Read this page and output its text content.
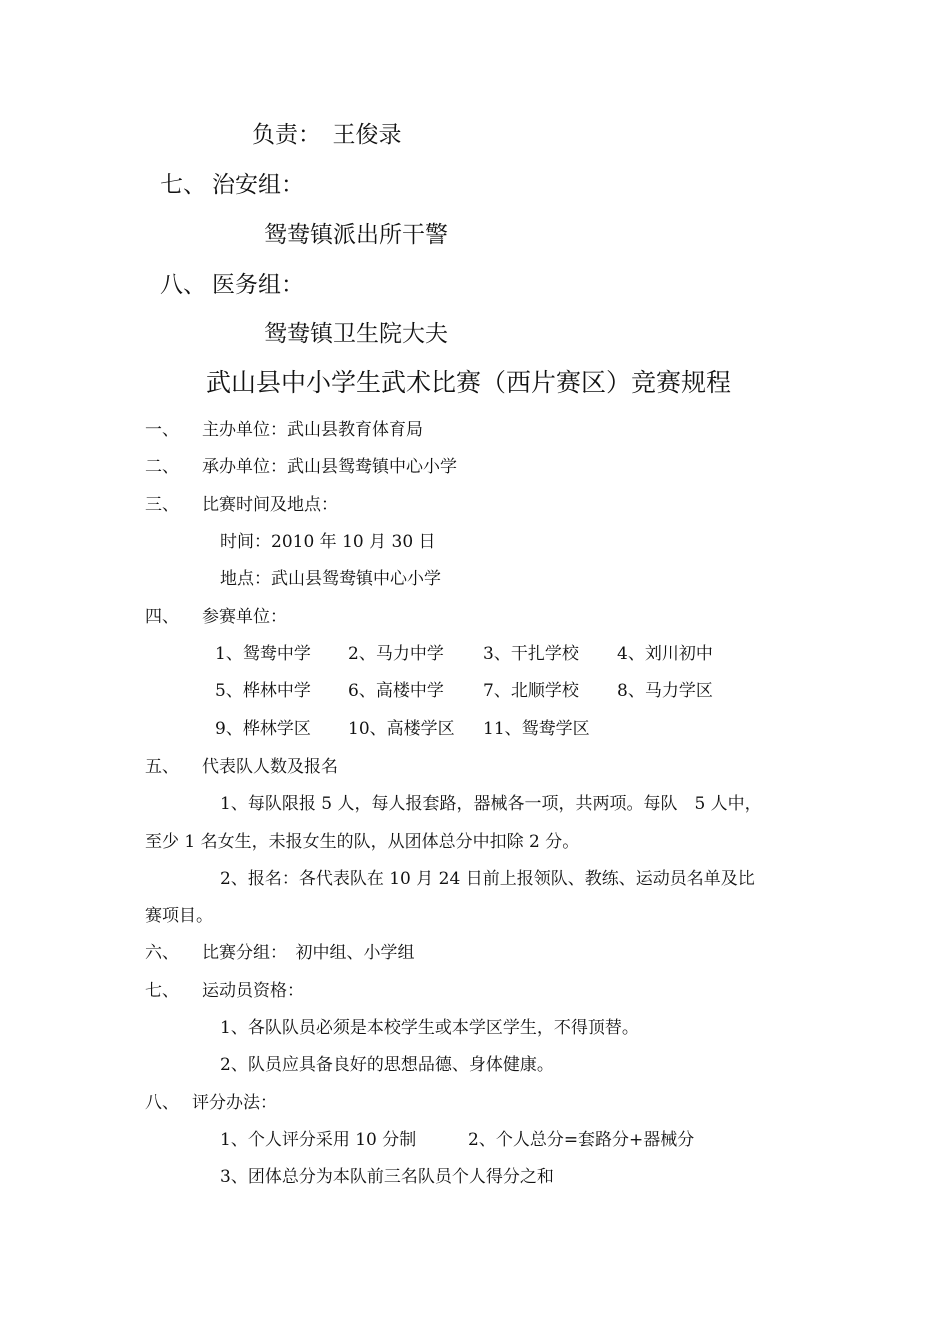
负责：　王俊录
七、 治安组：
鸳鸯镇派出所干警
八、 医务组：
鸳鸯镇卫生院大夫
武山县中小学生武术比赛（西片赛区）竞赛规程
一、 主办单位：武山县教育体育局
二、 承办单位：武山县鸳鸯镇中心小学
三、 比赛时间及地点：
时间：2010 年 10 月 30 日
地点：武山县鸳鸯镇中心小学
四、 参赛单位：
1、鸳鸯中学 2、马力中学 3、干扎学校 4、刘川初中
5、桦林中学 6、高楼中学 7、北顺学校 8、马力学区
9、桦林学区 10、高楼学区 11、鸳鸯学区
五、 代表队人数及报名
1、每队限报 5 人，每人报套路，器械各一项，共两项。每队　5 人中，
至少 1 名女生，未报女生的队，从团体总分中扣除 2 分。
2、报名：各代表队在 10 月 24 日前上报领队、教练、运动员名单及比
赛项目。
六、 比赛分组：　初中组、小学组
七、 运动员资格：
1、各队队员必须是本校学生或本学区学生，不得顶替。
2、队员应具备良好的思想品德、身体健康。
八、 评分办法：
1、个人评分采用 10 分制	2、个人总分=套路分+器械分
3、团体总分为本队前三名队员个人得分之和
